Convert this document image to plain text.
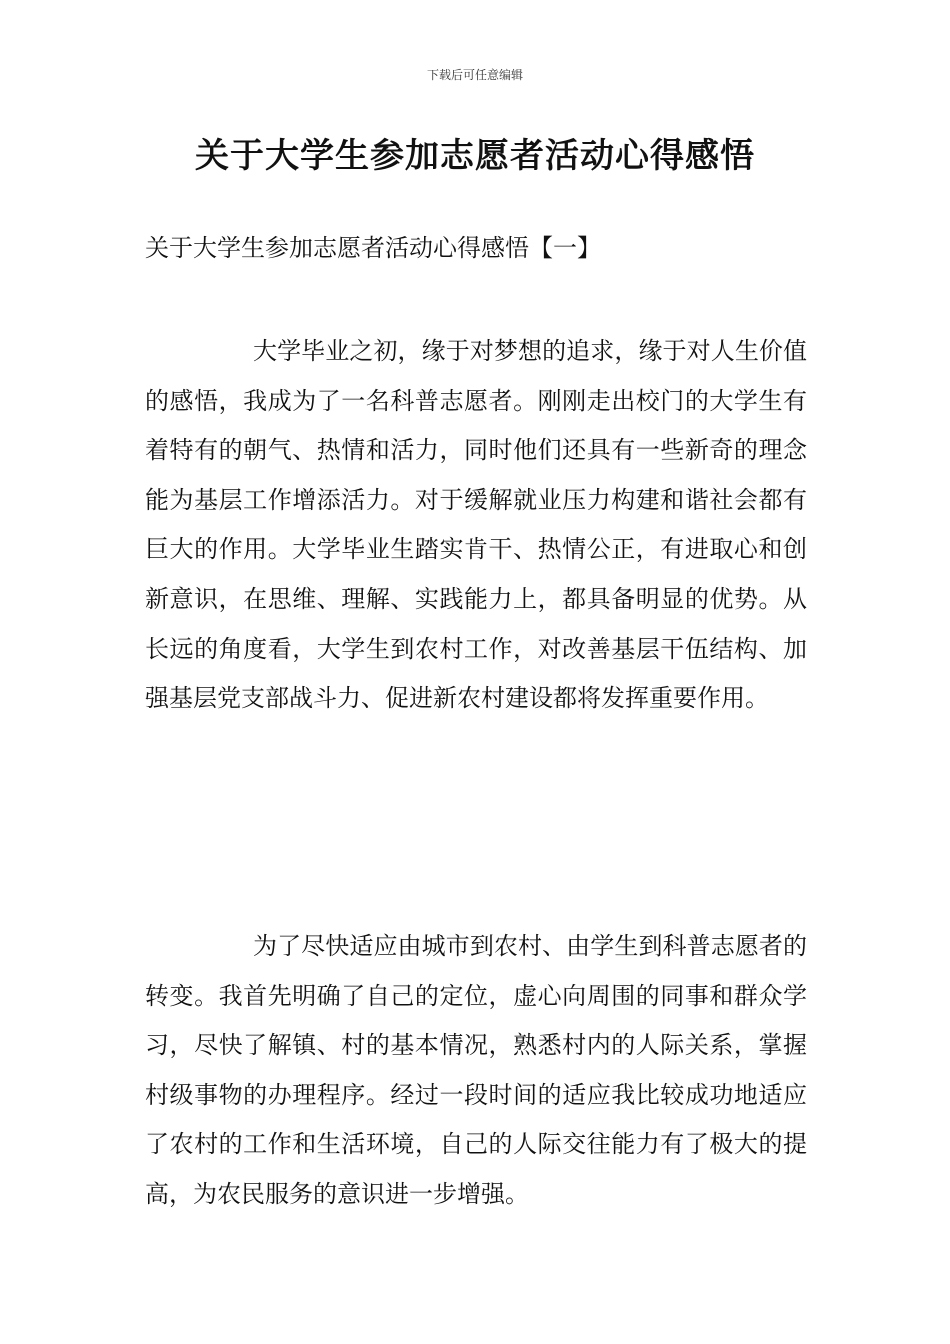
下载后可任意编辑
关于大学生参加志愿者活动心得感悟

关于大学生参加志愿者活动心得感悟【一】

大学毕业之初，缘于对梦想的追求，缘于对人生价值的感悟，我成为了一名科普志愿者。刚刚走出校门的大学生有着特有的朝气、热情和活力，同时他们还具有一些新奇的理念能为基层工作增添活力。对于缓解就业压力构建和谐社会都有巨大的作用。大学毕业生踏实肯干、热情公正，有进取心和创新意识，在思维、理解、实践能力上，都具备明显的优势。从长远的角度看，大学生到农村工作，对改善基层干伍结构、加强基层党支部战斗力、促进新农村建设都将发挥重要作用。

为了尽快适应由城市到农村、由学生到科普志愿者的转变。我首先明确了自己的定位，虚心向周围的同事和群众学习，尽快了解镇、村的基本情况，熟悉村内的人际关系，掌握村级事物的办理程序。经过一段时间的适应我比较成功地适应了农村的工作和生活环境，自己的人际交往能力有了极大的提高，为农民服务的意识进一步增强。
